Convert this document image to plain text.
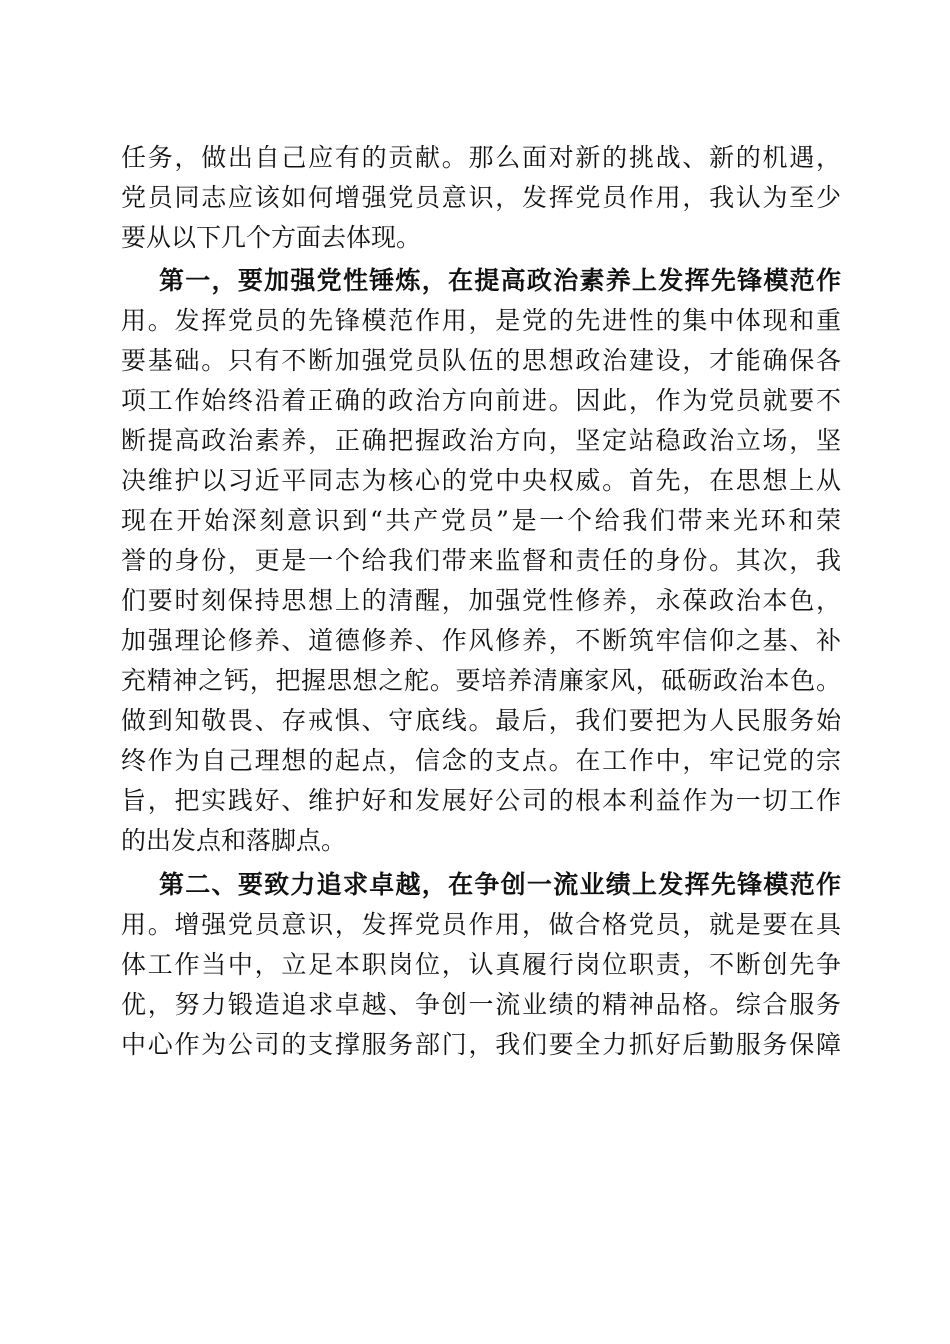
任务，做出自己应有的贡献。那么面对新的挑战、新的机遇，
党员同志应该如何增强党员意识，发挥党员作用，我认为至少
要从以下几个方面去体现。
第一，要加强党性锤炼，在提高政治素养上发挥先锋模范作
用。发挥党员的先锋模范作用，是党的先进性的集中体现和重
要基础。只有不断加强党员队伍的思想政治建设，才能确保各
项工作始终沿着正确的政治方向前进。因此，作为党员就要不
断提高政治素养，正确把握政治方向，坚定站稳政治立场，坚
决维护以习近平同志为核心的党中央权威。首先，在思想上从
现在开始深刻意识到“共产党员”是一个给我们带来光环和荣
誉的身份，更是一个给我们带来监督和责任的身份。其次，我
们要时刻保持思想上的清醒，加强党性修养，永葆政治本色，
加强理论修养、道德修养、作风修养，不断筑牢信仰之基、补
充精神之钙，把握思想之舵。要培养清廉家风，砥砺政治本色。
做到知敬畏、存戒惧、守底线。最后，我们要把为人民服务始
终作为自己理想的起点，信念的支点。在工作中，牢记党的宗
旨，把实践好、维护好和发展好公司的根本利益作为一切工作
的出发点和落脚点。
第二、要致力追求卓越，在争创一流业绩上发挥先锋模范作
用。增强党员意识，发挥党员作用，做合格党员，就是要在具
体工作当中，立足本职岗位，认真履行岗位职责，不断创先争
优，努力锻造追求卓越、争创一流业绩的精神品格。综合服务
中心作为公司的支撑服务部门，我们要全力抓好后勤服务保障
